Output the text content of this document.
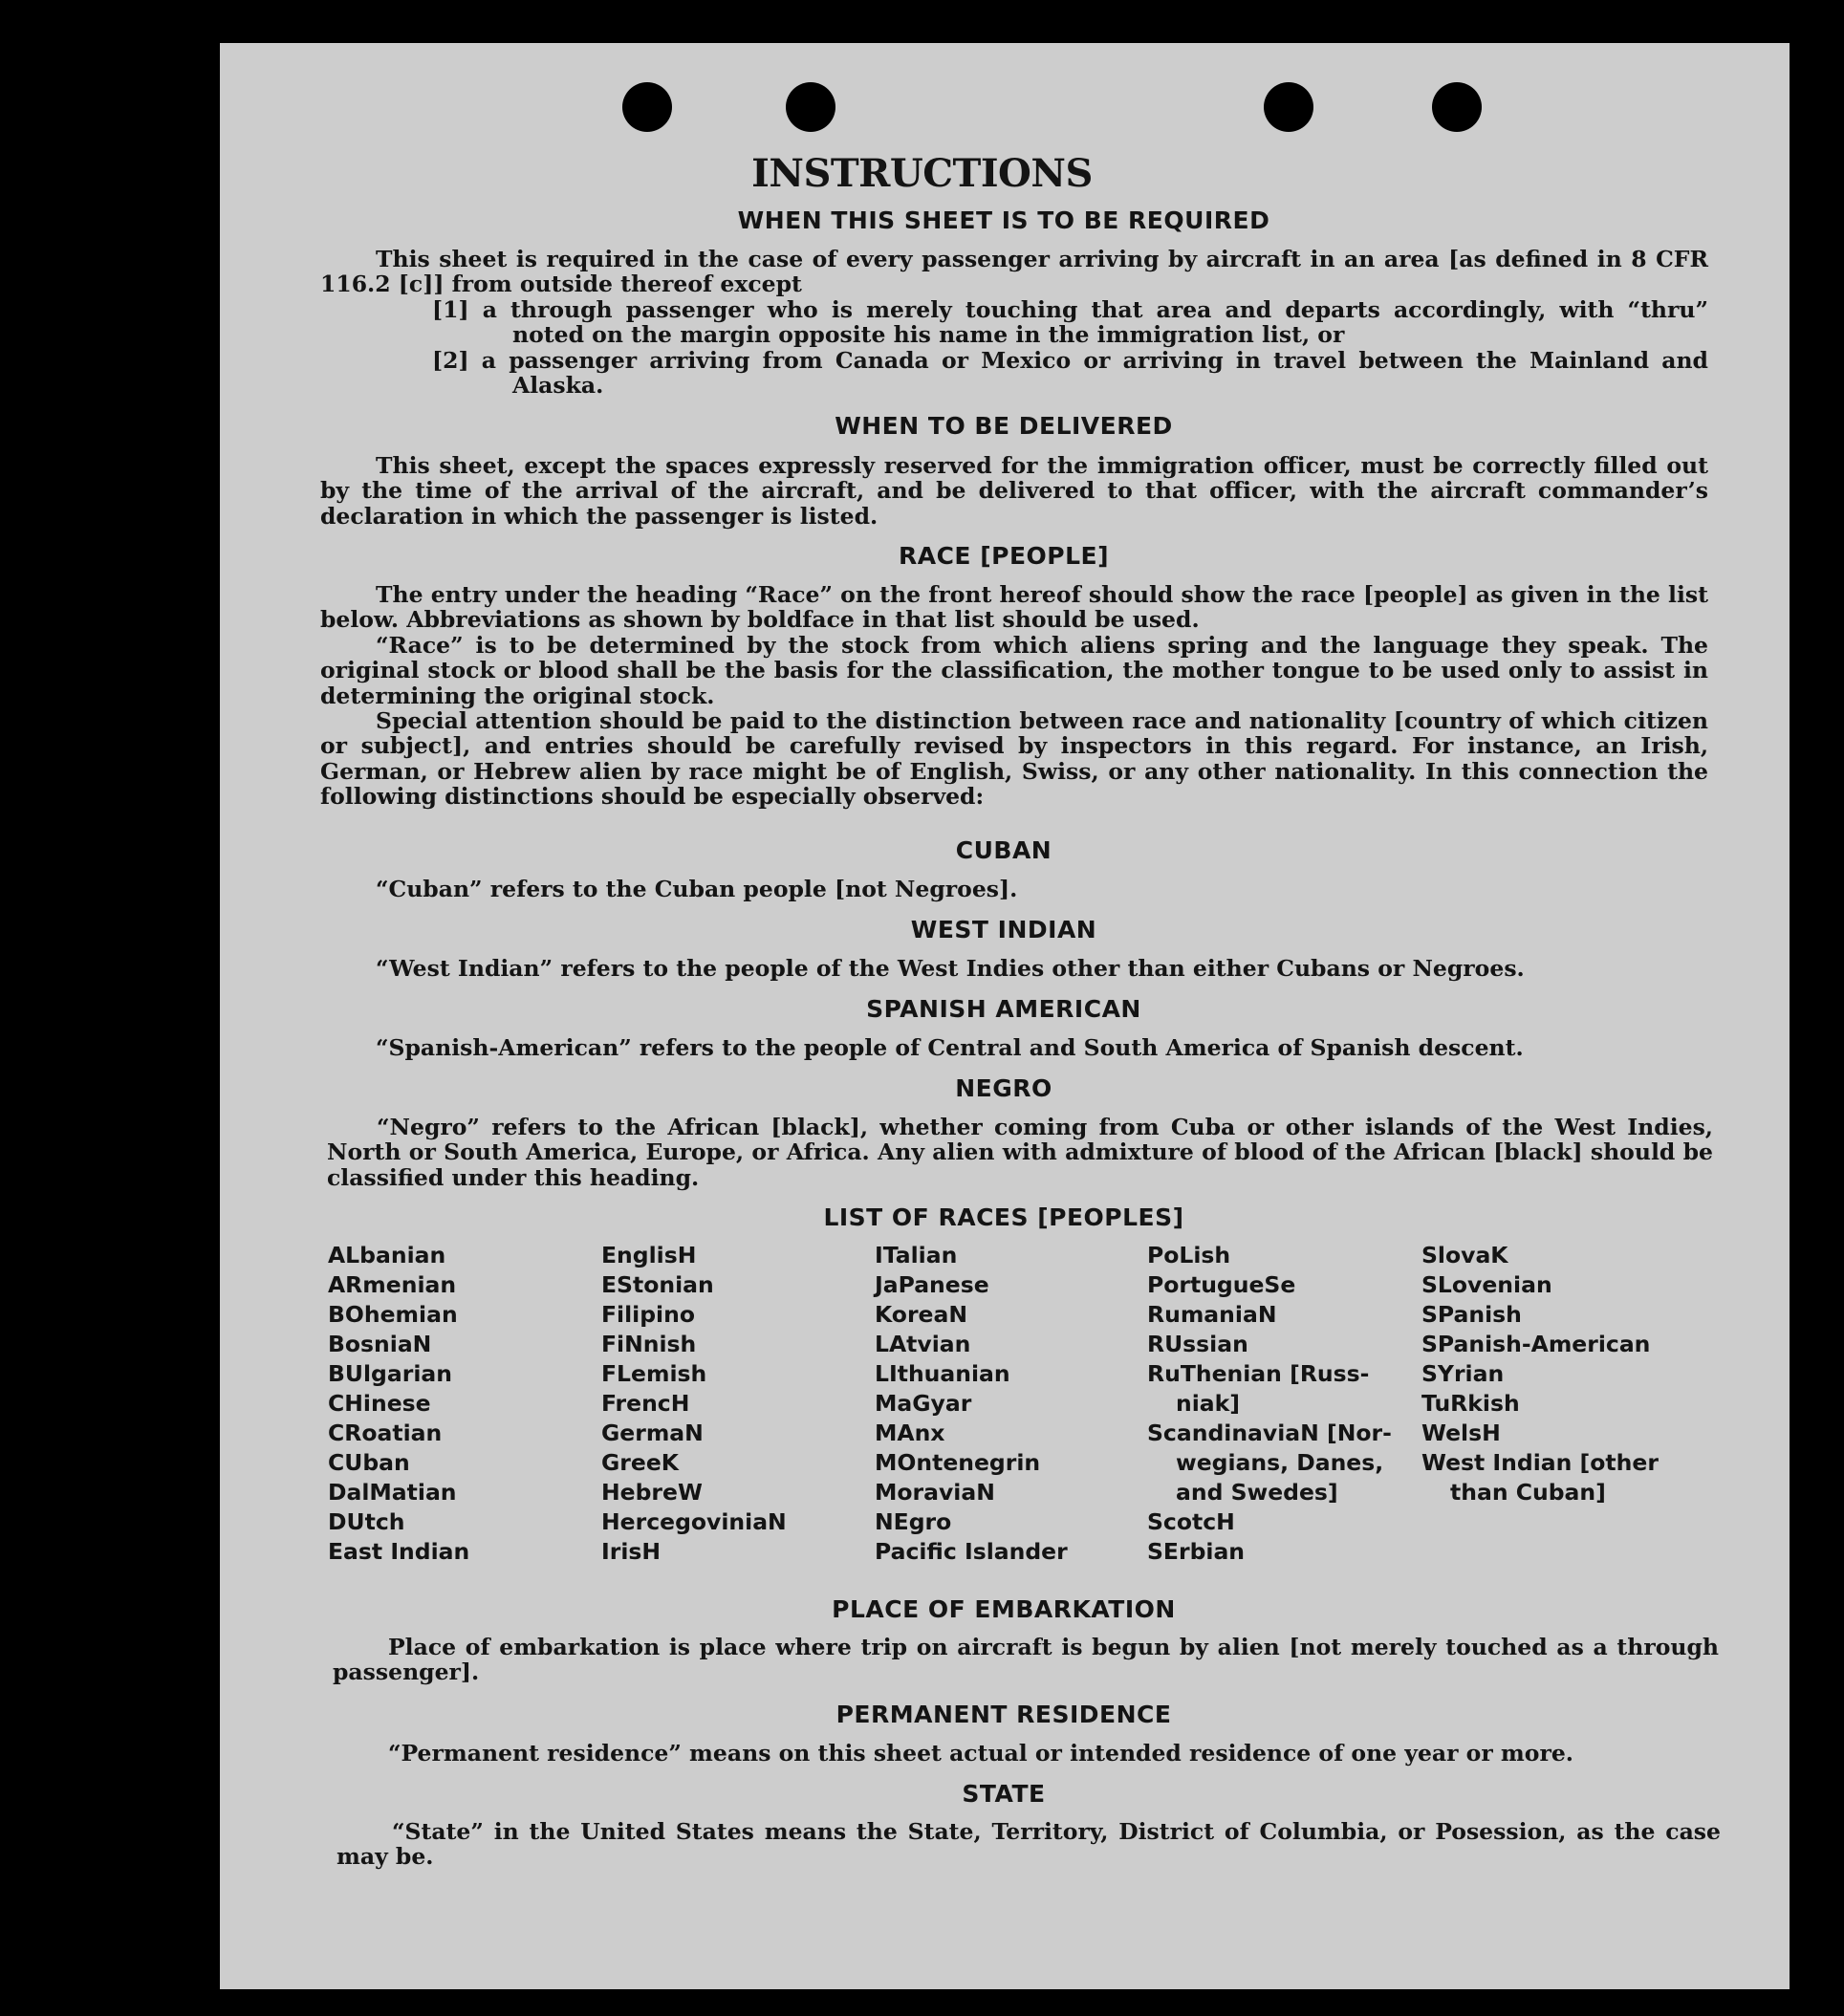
INSTRUCTIONS
WHEN THIS SHEET IS TO BE REQUIRED

This sheet is required in the case of every passenger arriving by aircraft in an area [as defined in 8 CFR 116.2 [c]] from outside thereof except

[1] a through passenger who is merely touching that area and departs accordingly, with “thru” noted on the margin opposite his name in the immigration list, or

[2] a passenger arriving from Canada or Mexico or arriving in travel between the Mainland and Alaska.

WHEN TO BE DELIVERED

This sheet, except the spaces expressly reserved for the immigration officer, must be correctly filled out by the time of the arrival of the aircraft, and be delivered to that officer, with the aircraft commander’s declaration in which the passenger is listed.

RACE [PEOPLE]

The entry under the heading “Race” on the front hereof should show the race [people] as given in the list below. Abbreviations as shown by boldface in that list should be used.

“Race” is to be determined by the stock from which aliens spring and the language they speak. The original stock or blood shall be the basis for the classification, the mother tongue to be used only to assist in determining the original stock.

Special attention should be paid to the distinction between race and nationality [country of which citizen or subject], and entries should be carefully revised by inspectors in this regard. For instance, an Irish, German, or Hebrew alien by race might be of English, Swiss, or any other nationality. In this connection the following distinctions should be especially observed:

CUBAN

“Cuban” refers to the Cuban people [not Negroes].

WEST INDIAN

“West Indian” refers to the people of the West Indies other than either Cubans or Negroes.

SPANISH AMERICAN

“Spanish-American” refers to the people of Central and South America of Spanish descent.

NEGRO

“Negro” refers to the African [black], whether coming from Cuba or other islands of the West Indies, North or South America, Europe, or Africa. Any alien with admixture of blood of the African [black] should be classified under this heading.

LIST OF RACES [PEOPLES]
ALbanian
ARmenian
BOhemian
BosniaN
BUlgarian
CHinese
CRoatian
CUban
DalMatian
DUtch
East Indian
EnglisH
EStonian
Filipino
FiNnish
FLemish
FrencH
GermaN
GreeK
HebreW
HercegoviniaN
IrisH
ITalian
JaPanese
KoreaN
LAtvian
LIthuanian
MaGyar
MAnx
MOntenegrin
MoraviaN
NEgro
Pacific Islander
PoLish
PortugueSe
RumaniaN
RUssian
RuThenian [Russ-
niak]
ScandinaviaN [Nor-
wegians, Danes,
and Swedes]
ScotcH
SErbian
SlovaK
SLovenian
SPanish
SPanish-American
SYrian
TuRkish
WelsH
West Indian [other
than Cuban]
PLACE OF EMBARKATION

Place of embarkation is place where trip on aircraft is begun by alien [not merely touched as a through passenger].

PERMANENT RESIDENCE

“Permanent residence” means on this sheet actual or intended residence of one year or more.

STATE

“State” in the United States means the State, Territory, District of Columbia, or Posession, as the case may be.
